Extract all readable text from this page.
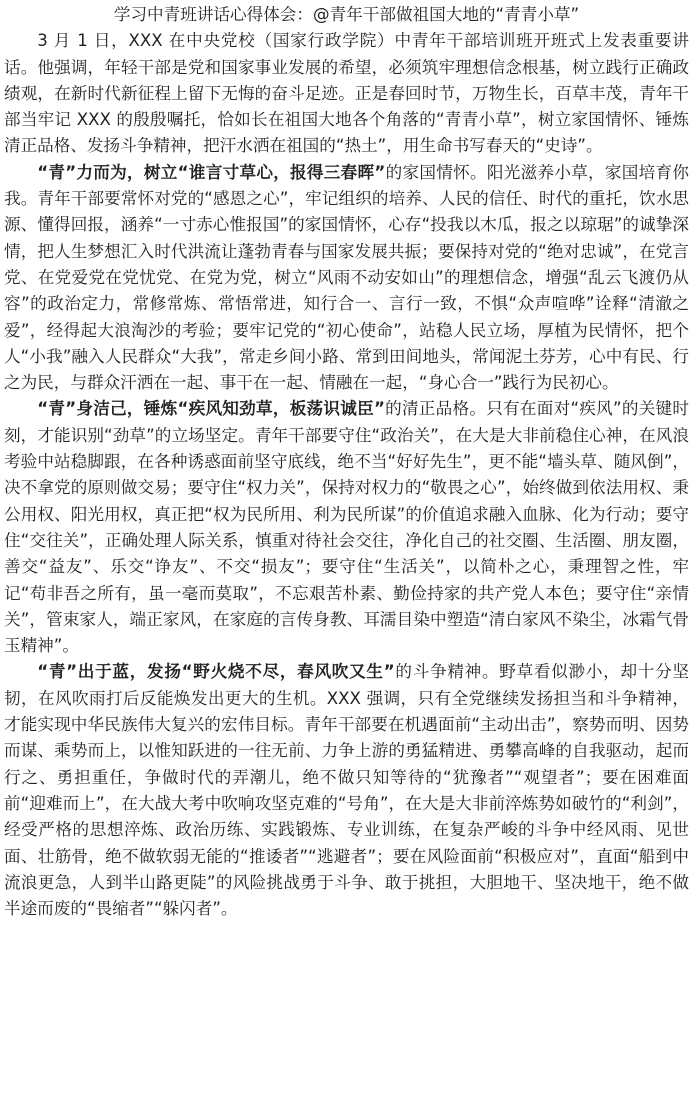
学习中青班讲话心得体会：@青年干部做祖国大地的“青青小草”

3 月 1 日，XXX 在中央党校（国家行政学院）中青年干部培训班开班式上发表重要讲话。他强调，年轻干部是党和国家事业发展的希望，必须筑牢理想信念根基，树立践行正确政绩观，在新时代新征程上留下无悔的奋斗足迹。正是春回时节，万物生长，百草丰茂，青年干部当牢记 XXX 的殷殷嘱托，恰如长在祖国大地各个角落的“青青小草”，树立家国情怀、锤炼清正品格、发扬斗争精神，把汗水洒在祖国的“热土”，用生命书写春天的“史诗”。

“青”力而为，树立“谁言寸草心，报得三春晖”的家国情怀。阳光滋养小草，家国培育你我。青年干部要常怀对党的“感恩之心”，牢记组织的培养、人民的信任、时代的重托，饮水思源、懂得回报，涵养“一寸赤心惟报国”的家国情怀，心存“投我以木瓜，报之以琼琚”的诚挚深情，把人生梦想汇入时代洪流让蓬勃青春与国家发展共振；要保持对党的“绝对忠诚”，在党言党、在党爱党在党忧党、在党为党，树立“风雨不动安如山”的理想信念，增强“乱云飞渡仍从容”的政治定力，常修常炼、常悟常进，知行合一、言行一致，不惧“众声喧哗”诠释“清澈之爱”，经得起大浪淘沙的考验；要牢记党的“初心使命”，站稳人民立场，厚植为民情怀，把个人“小我”融入人民群众“大我”，常走乡间小路、常到田间地头，常闻泥土芬芳，心中有民、行之为民，与群众汗洒在一起、事干在一起、情融在一起，“身心合一”践行为民初心。

“青”身洁己，锤炼“疾风知劲草，板荡识诚臣”的清正品格。只有在面对“疾风”的关键时刻，才能识别“劲草”的立场坚定。青年干部要守住“政治关”，在大是大非前稳住心神，在风浪考验中站稳脚跟，在各种诱惑面前坚守底线，绝不当“好好先生”，更不能“墙头草、随风倒”，决不拿党的原则做交易；要守住“权力关”，保持对权力的“敬畏之心”，始终做到依法用权、秉公用权、阳光用权，真正把“权为民所用、利为民所谋”的价值追求融入血脉、化为行动；要守住“交往关”，正确处理人际关系，慎重对待社会交往，净化自己的社交圈、生活圈、朋友圈，善交“益友”、乐交“诤友”、不交“损友”；要守住“生活关”，以简朴之心，秉理智之性，牢记“苟非吾之所有，虽一毫而莫取”，不忘艰苦朴素、勤俭持家的共产党人本色；要守住“亲情关”，管束家人，端正家风，在家庭的言传身教、耳濡目染中塑造“清白家风不染尘，冰霜气骨玉精神”。

“青”出于蓝，发扬“野火烧不尽，春风吹又生”的斗争精神。野草看似渺小，却十分坚韧，在风吹雨打后反能焕发出更大的生机。XXX 强调，只有全党继续发扬担当和斗争精神，才能实现中华民族伟大复兴的宏伟目标。青年干部要在机遇面前“主动出击”，察势而明、因势而谋、乘势而上，以惟知跃进的一往无前、力争上游的勇猛精进、勇攀高峰的自我驱动，起而行之、勇担重任，争做时代的弄潮儿，绝不做只知等待的“犹豫者”“观望者”；要在困难面前“迎难而上”，在大战大考中吹响攻坚克难的“号角”，在大是大非前淬炼势如破竹的“利剑”，经受严格的思想淬炼、政治历练、实践锻炼、专业训练，在复杂严峻的斗争中经风雨、见世面、壮筋骨，绝不做软弱无能的“推诿者”“逃避者”；要在风险面前“积极应对”，直面“船到中流浪更急，人到半山路更陡”的风险挑战勇于斗争、敢于挑担，大胆地干、坚决地干，绝不做半途而废的“畏缩者”“躲闪者”。
